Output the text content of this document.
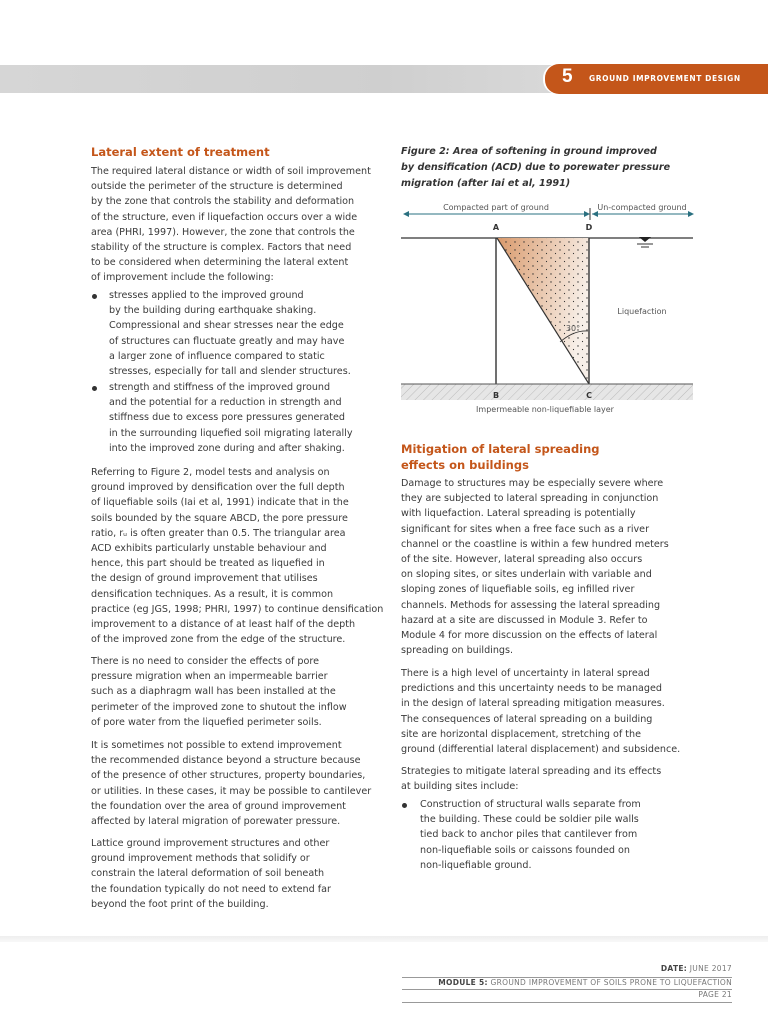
5 GROUND IMPROVEMENT DESIGN
Lateral extent of treatment
The required lateral distance or width of soil improvement
outside the perimeter of the structure is determined
by the zone that controls the stability and deformation
of the structure, even if liquefaction occurs over a wide
area (PHRI, 1997). However, the zone that controls the
stability of the structure is complex. Factors that need
to be considered when determining the lateral extent
of improvement include the following:
stresses applied to the improved ground
by the building during earthquake shaking.
Compressional and shear stresses near the edge
of structures can fluctuate greatly and may have
a larger zone of influence compared to static
stresses, especially for tall and slender structures.
strength and stiffness of the improved ground
and the potential for a reduction in strength and
stiffness due to excess pore pressures generated
in the surrounding liquefied soil migrating laterally
into the improved zone during and after shaking.
Referring to Figure 2, model tests and analysis on
ground improved by densification over the full depth
of liquefiable soils (Iai et al, 1991) indicate that in the
soils bounded by the square ABCD, the pore pressure
ratio, rᵤ is often greater than 0.5. The triangular area
ACD exhibits particularly unstable behaviour and
hence, this part should be treated as liquefied in
the design of ground improvement that utilises
densification techniques. As a result, it is common
practice (eg JGS, 1998; PHRI, 1997) to continue densification
improvement to a distance of at least half of the depth
of the improved zone from the edge of the structure.
There is no need to consider the effects of pore
pressure migration when an impermeable barrier
such as a diaphragm wall has been installed at the
perimeter of the improved zone to shutout the inflow
of pore water from the liquefied perimeter soils.
It is sometimes not possible to extend improvement
the recommended distance beyond a structure because
of the presence of other structures, property boundaries,
or utilities. In these cases, it may be possible to cantilever
the foundation over the area of ground improvement
affected by lateral migration of porewater pressure.
Lattice ground improvement structures and other
ground improvement methods that solidify or
constrain the lateral deformation of soil beneath
the foundation typically do not need to extend far
beyond the foot print of the building.
Figure 2: Area of softening in ground improved
by densification (ACD) due to porewater pressure
migration (after Iai et al, 1991)
Compacted part of ground	Un-compacted ground
A	D
30°
Liquefaction
B	C
Impermeable non-liquefiable layer
Mitigation of lateral spreading
effects on buildings
Damage to structures may be especially severe where
they are subjected to lateral spreading in conjunction
with liquefaction. Lateral spreading is potentially
significant for sites when a free face such as a river
channel or the coastline is within a few hundred meters
of the site. However, lateral spreading also occurs
on sloping sites, or sites underlain with variable and
sloping zones of liquefiable soils, eg infilled river
channels. Methods for assessing the lateral spreading
hazard at a site are discussed in Module 3. Refer to
Module 4 for more discussion on the effects of lateral
spreading on buildings.
There is a high level of uncertainty in lateral spread
predictions and this uncertainty needs to be managed
in the design of lateral spreading mitigation measures.
The consequences of lateral spreading on a building
site are horizontal displacement, stretching of the
ground (differential lateral displacement) and subsidence.
Strategies to mitigate lateral spreading and its effects
at building sites include:
Construction of structural walls separate from
the building. These could be soldier pile walls
tied back to anchor piles that cantilever from
non-liquefiable soils or caissons founded on
non-liquefiable ground.
DATE: JUNE 2017
MODULE 5: GROUND IMPROVEMENT OF SOILS PRONE TO LIQUEFACTION
PAGE 21
